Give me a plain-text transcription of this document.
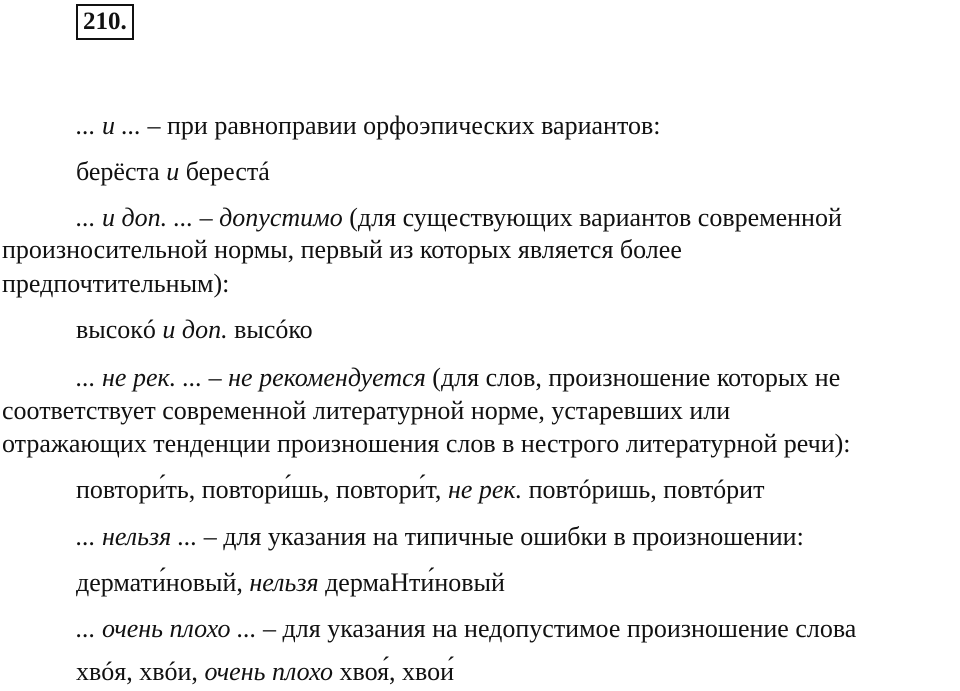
210.
... и ... – при равноправии орфоэпических вариантов:
берёста и берестá
... и доп. ... – допустимо (для существующих вариантов современной
произносительной нормы, первый из которых является более
предпочтительным):
высокó и доп. высóко
... не рек. ... – не рекомендуется (для слов, произношение которых не
соответствует современной литературной норме, устаревших или
отражающих тенденции произношения слов в нестрого литературной речи):
повтори́ть, повтори́шь, повтори́т, не рек. повтóришь, повтóрит
... нельзя ... – для указания на типичные ошибки в произношении:
дермати́новый, нельзя дермаНти́новый
... очень плохо ... – для указания на недопустимое произношение слова
хвóя, хвóи, очень плохо хвоя́, хвои́
